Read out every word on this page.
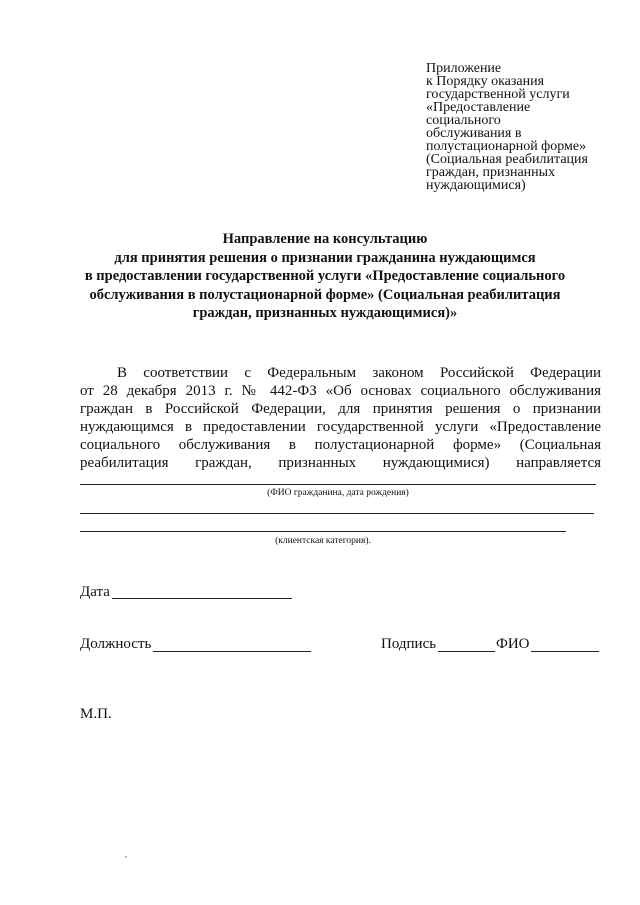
Приложение
к Порядку оказания
государственной услуги
«Предоставление
социального
обслуживания в
полустационарной форме»
(Социальная реабилитация
граждан, признанных
нуждающимися)
Направление на консультацию
для принятия решения о признании гражданина нуждающимся
в предоставлении государственной услуги «Предоставление социального
обслуживания в полустационарной форме» (Социальная реабилитация
граждан, признанных нуждающимися)»
В соответствии с Федеральным законом Российской Федерации
от 28 декабря 2013 г. № 442-ФЗ «Об основах социального обслуживания
граждан в Российской Федерации, для принятия решения о признании
нуждающимся в предоставлении государственной услуги «Предоставление
социального обслуживания в полустационарной форме» (Социальная
реабилитация граждан, признанных нуждающимися) направляется
(ФИО гражданина, дата рождения)
(клиентская категория).
Дата
Должность	Подпись	ФИО
М.П.
